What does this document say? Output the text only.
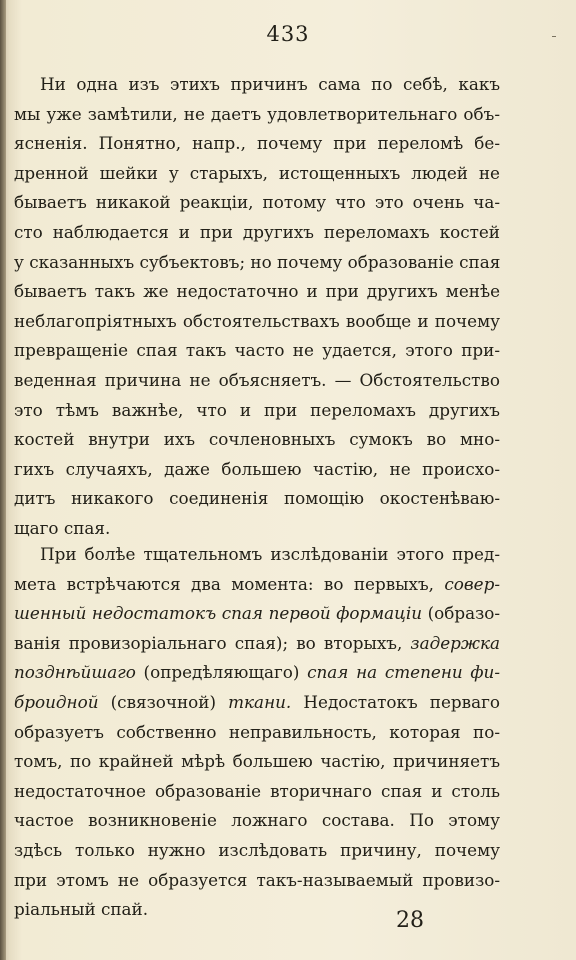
433
Ни одна изъ этихъ причинъ сама по себѣ, какъ
мы уже замѣтили, не даетъ удовлетворительнаго объ-
ясненія. Понятно, напр., почему при переломѣ бе-
дренной шейки у старыхъ, истощенныхъ людей не
бываетъ никакой реакціи, потому что это очень ча-
сто наблюдается и при другихъ переломахъ костей
у сказанныхъ субъектовъ; но почему образованіе спая
бываетъ такъ же недостаточно и при другихъ менѣе
неблагопріятныхъ обстоятельствахъ вообще и почему
превращеніе спая такъ часто не удается, этого при-
веденная причина не объясняетъ. — Обстоятельство
это тѣмъ важнѣе, что и при переломахъ другихъ
костей внутри ихъ сочленовныхъ сумокъ во мно-
гихъ случаяхъ, даже большею частію, не происхо-
дитъ никакого соединенія помощію окостенѣваю-
щаго спая.
При болѣе тщательномъ изслѣдованіи этого пред-
мета встрѣчаются два момента: во первыхъ, совер-
шенный недостатокъ спая первой формаціи (образо-
ванія провизоріальнаго спая); во вторыхъ, задержка
позднѣйшаго (опредѣляющаго) спая на степени фи-
брoидной (связочной) ткани. Недостатокъ перваго
образуетъ собственно неправильность, которая по-
томъ, по крайней мѣрѣ большею частію, причиняетъ
недостаточное образованіе вторичнаго спая и столь
частое возникновеніе ложнаго состава. По этому
здѣсь только нужно изслѣдовать причину, почему
при этомъ не образуется такъ-называемый провизо-
ріальный спай.	28
